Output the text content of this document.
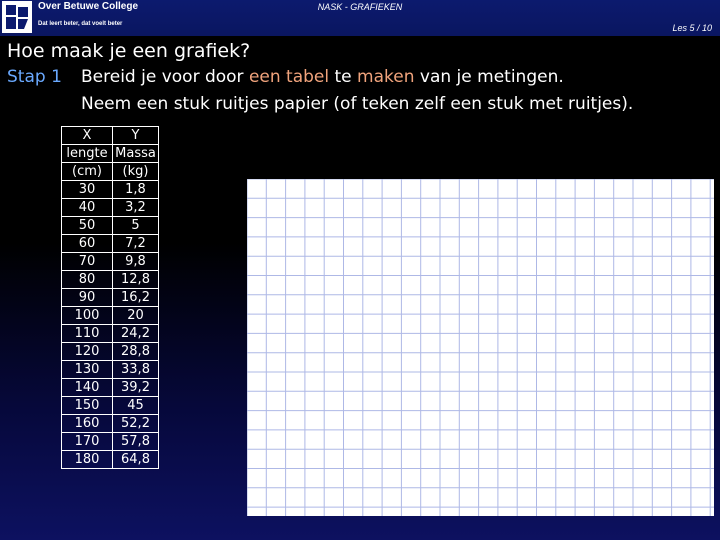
Over Betuwe College
Dat leert beter, dat voelt beter
NASK - GRAFIEKEN
Les 5 / 10
Hoe maak je een grafiek?
Stap 1 Bereid je voor door een tabel te maken van je metingen.
Neem een stuk ruitjes papier (of teken zelf een stuk met ruitjes).
X	Y
lengte	Massa
(cm)	(kg)
30	1,8
40	3,2
50	5
60	7,2
70	9,8
80	12,8
90	16,2
100	20
110	24,2
120	28,8
130	33,8
140	39,2
150	45
160	52,2
170	57,8
180	64,8
